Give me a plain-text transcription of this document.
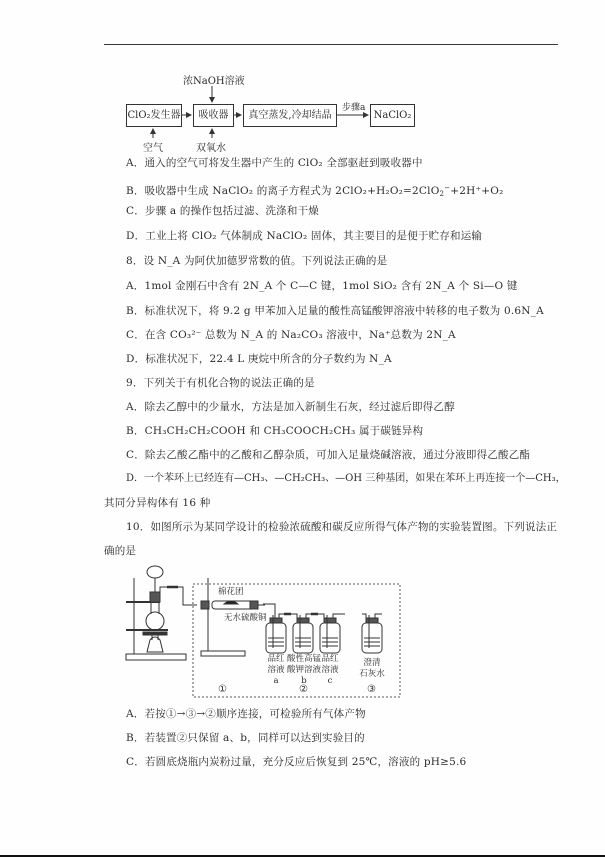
浓NaOH溶液
ClO₂发生器	吸收器	真空蒸发,冷却结晶
步骤a
NaClO₂
空气	双氧水
A．通入的空气可将发生器中产生的 ClO₂ 全部驱赶到吸收器中
B．吸收器中生成 NaClO₂ 的离子方程式为 2ClO₂+H₂O₂=2ClO$_2$−+2H⁺+O₂
C．步骤 a 的操作包括过滤、洗涤和干燥
D．工业上将 ClO₂ 气体制成 NaClO₂ 固体，其主要目的是便于贮存和运输
8．设 N_A 为阿伏加德罗常数的值。下列说法正确的是
A．1mol 金刚石中含有 2N_A 个 C—C 键，1mol SiO₂ 含有 2N_A 个 Si—O 键
B．标准状况下，将 9.2 g 甲苯加入足量的酸性高锰酸钾溶液中转移的电子数为 0.6N_A
C．在含 CO₃²⁻ 总数为 N_A 的 Na₂CO₃ 溶液中，Na⁺总数为 2N_A
D．标准状况下，22.4 L 庚烷中所含的分子数约为 N_A
9．下列关于有机化合物的说法正确的是
A．除去乙醇中的少量水，方法是加入新制生石灰，经过滤后即得乙醇
B．CH₃CH₂CH₂COOH 和 CH₃COOCH₂CH₃ 属于碳链异构
C．除去乙酸乙酯中的乙酸和乙醇杂质，可加入足量烧碱溶液，通过分液即得乙酸乙酯
D．一个苯环上已经连有—CH₃、—CH₂CH₃、—OH 三种基团，如果在苯环上再连接一个—CH₃，
其同分异构体有 16 种
10．如图所示为某同学设计的检验浓硫酸和碳反应所得气体产物的实验装置图。下列说法正
确的是
棉花团
无水硫酸铜
品红
溶液
a
酸性高锰
酸钾溶液
b
品红
溶液
c
澄清
石灰水
①	②	③
A．若按①→③→②顺序连接，可检验所有气体产物
B．若装置②只保留 a、b，同样可以达到实验目的
C．若圆底烧瓶内炭粉过量，充分反应后恢复到 25℃，溶液的 pH≥5.6
